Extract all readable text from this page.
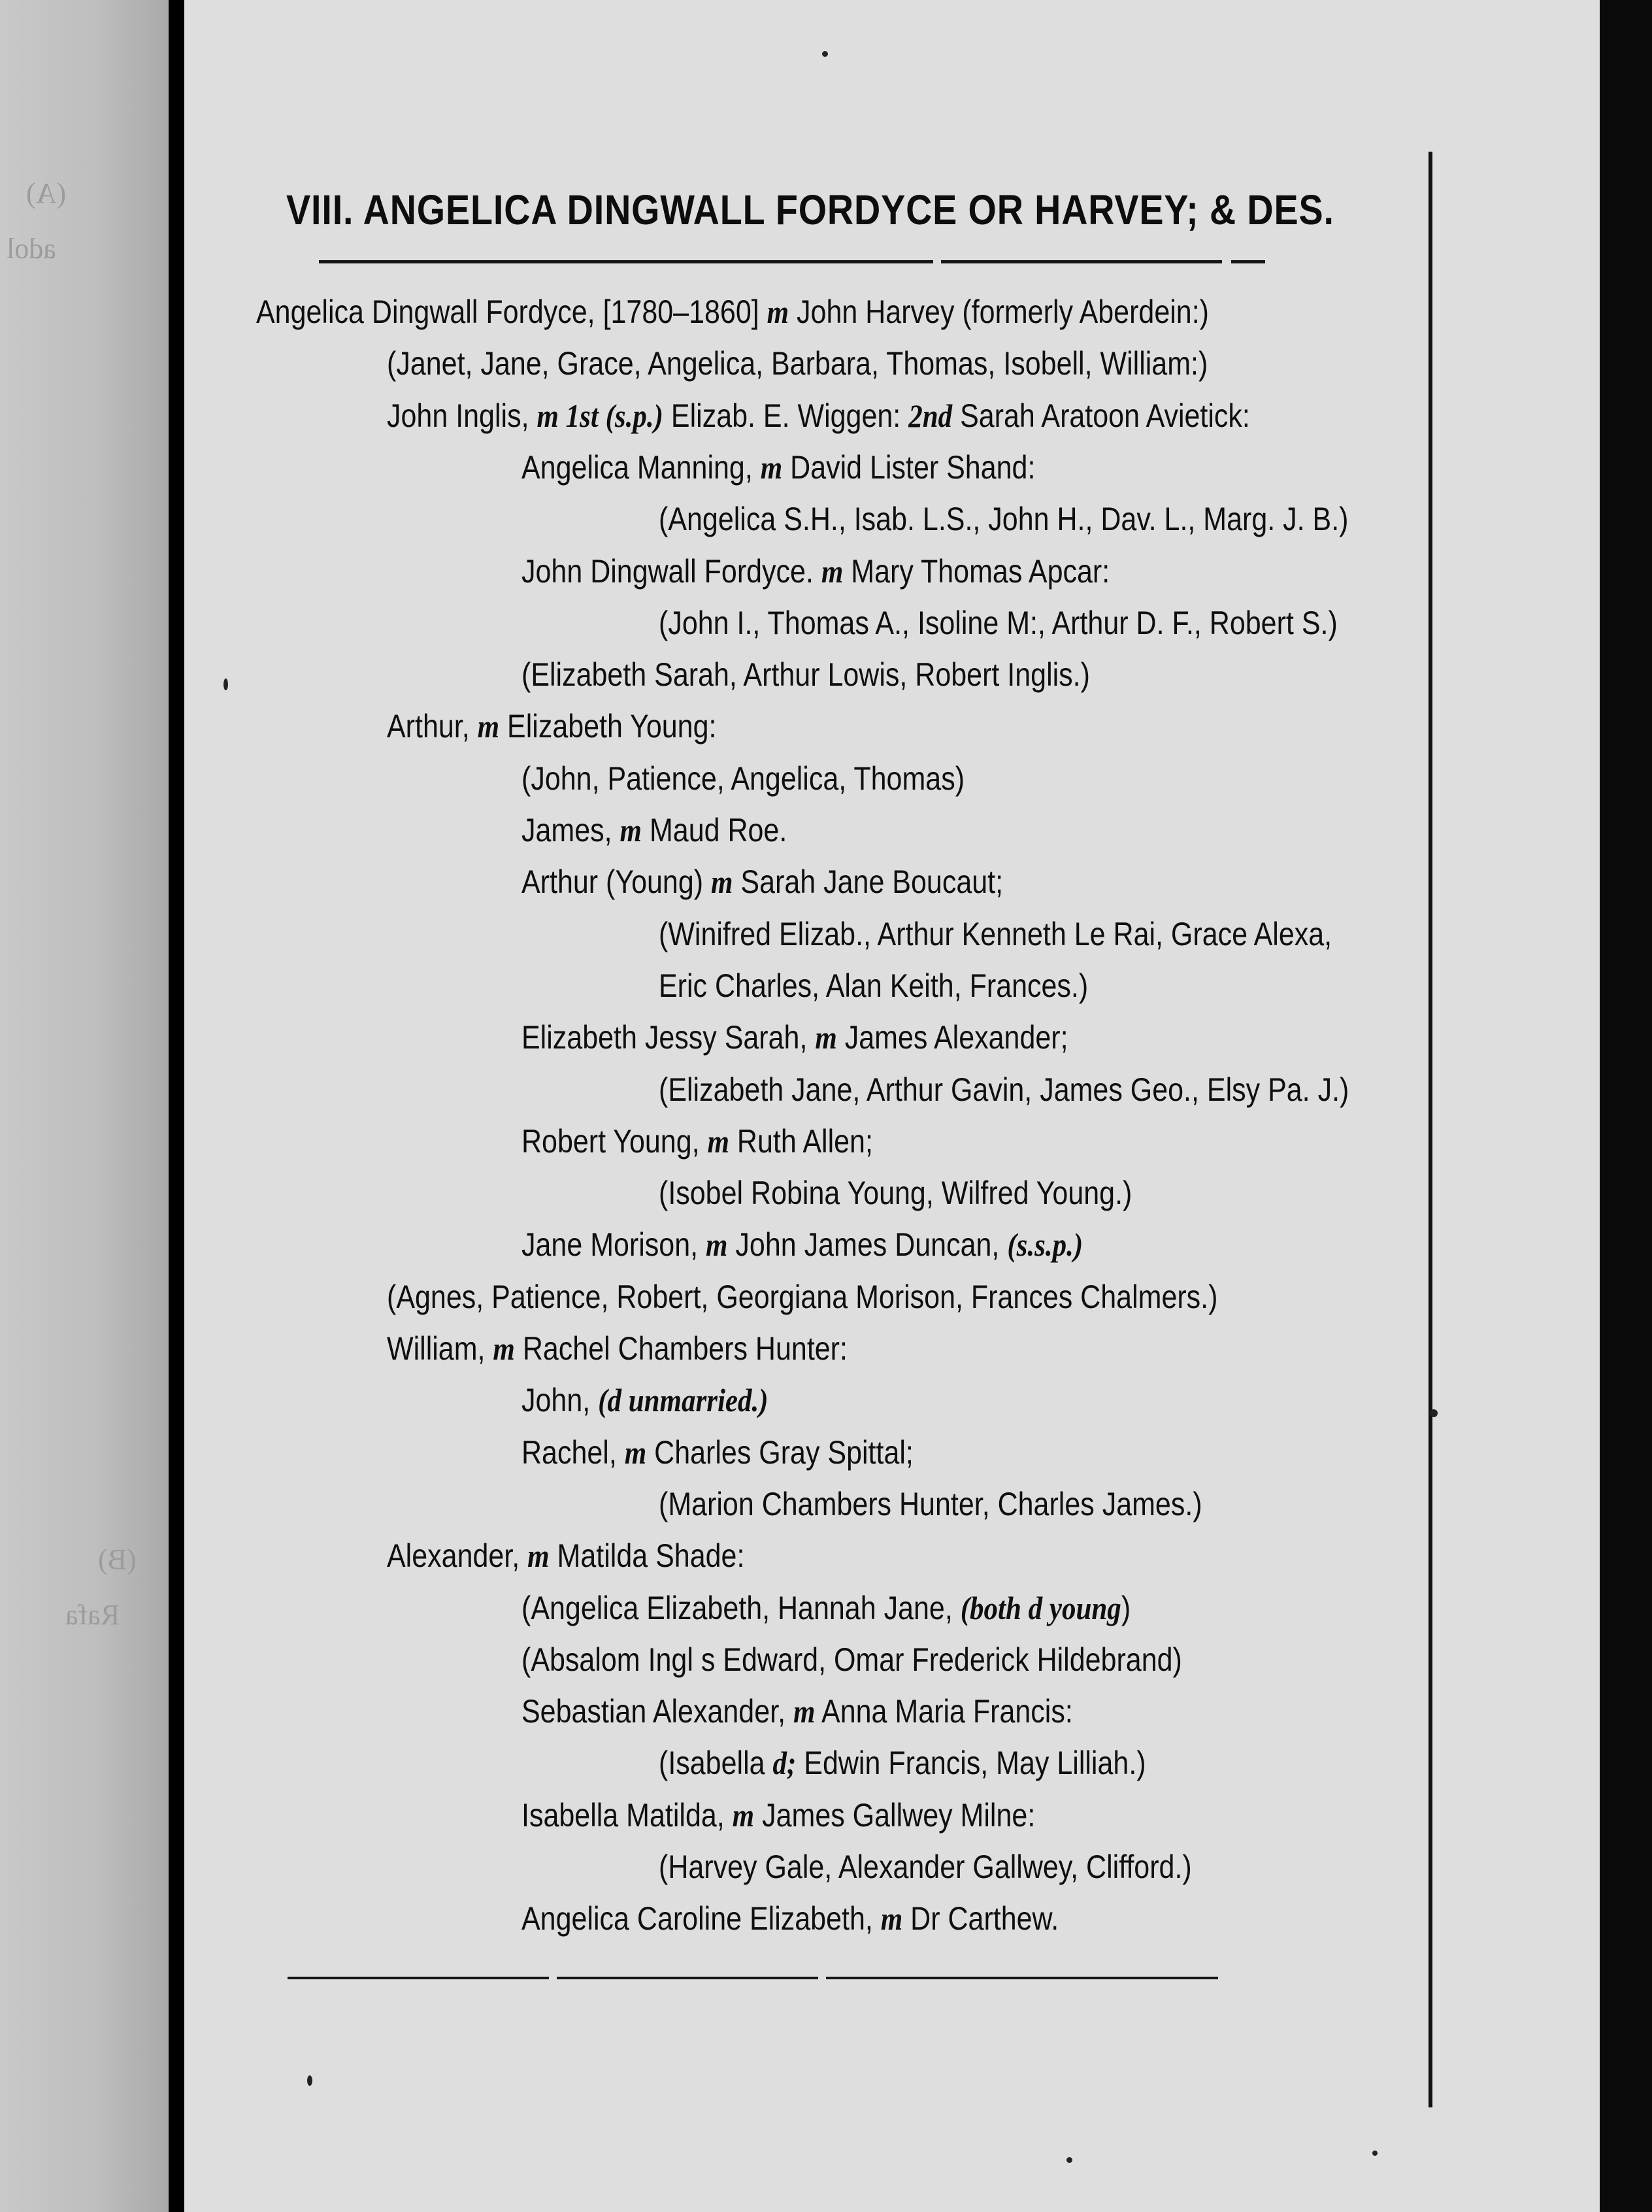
(A)
adol
(B)
Rafa
VIII. ANGELICA DINGWALL FORDYCE OR HARVEY; & DES.
Angelica Dingwall Fordyce, [1780–1860] m John Harvey (formerly Aberdein:)
(Janet, Jane, Grace, Angelica, Barbara, Thomas, Isobell, William:)
John Inglis, m 1st (s.p.) Elizab. E. Wiggen: 2nd Sarah Aratoon Avietick:
Angelica Manning, m David Lister Shand:
(Angelica S.H., Isab. L.S., John H., Dav. L., Marg. J. B.)
John Dingwall Fordyce. m Mary Thomas Apcar:
(John I., Thomas A., Isoline M:, Arthur D. F., Robert S.)
(Elizabeth Sarah, Arthur Lowis, Robert Inglis.)
Arthur, m Elizabeth Young:
(John, Patience, Angelica, Thomas)
James, m Maud Roe.
Arthur (Young) m Sarah Jane Boucaut;
(Winifred Elizab., Arthur Kenneth Le Rai, Grace Alexa,
Eric Charles, Alan Keith, Frances.)
Elizabeth Jessy Sarah, m James Alexander;
(Elizabeth Jane, Arthur Gavin, James Geo., Elsy Pa. J.)
Robert Young, m Ruth Allen;
(Isobel Robina Young, Wilfred Young.)
Jane Morison, m John James Duncan, (s.s.p.)
(Agnes, Patience, Robert, Georgiana Morison, Frances Chalmers.)
William, m Rachel Chambers Hunter:
John, (d unmarried.)
Rachel, m Charles Gray Spittal;
(Marion Chambers Hunter, Charles James.)
Alexander, m Matilda Shade:
(Angelica Elizabeth, Hannah Jane, (both d young)
(Absalom Ingl s Edward, Omar Frederick Hildebrand)
Sebastian Alexander, m Anna Maria Francis:
(Isabella d; Edwin Francis, May Lilliah.)
Isabella Matilda, m James Gallwey Milne:
(Harvey Gale, Alexander Gallwey, Clifford.)
Angelica Caroline Elizabeth, m Dr Carthew.
